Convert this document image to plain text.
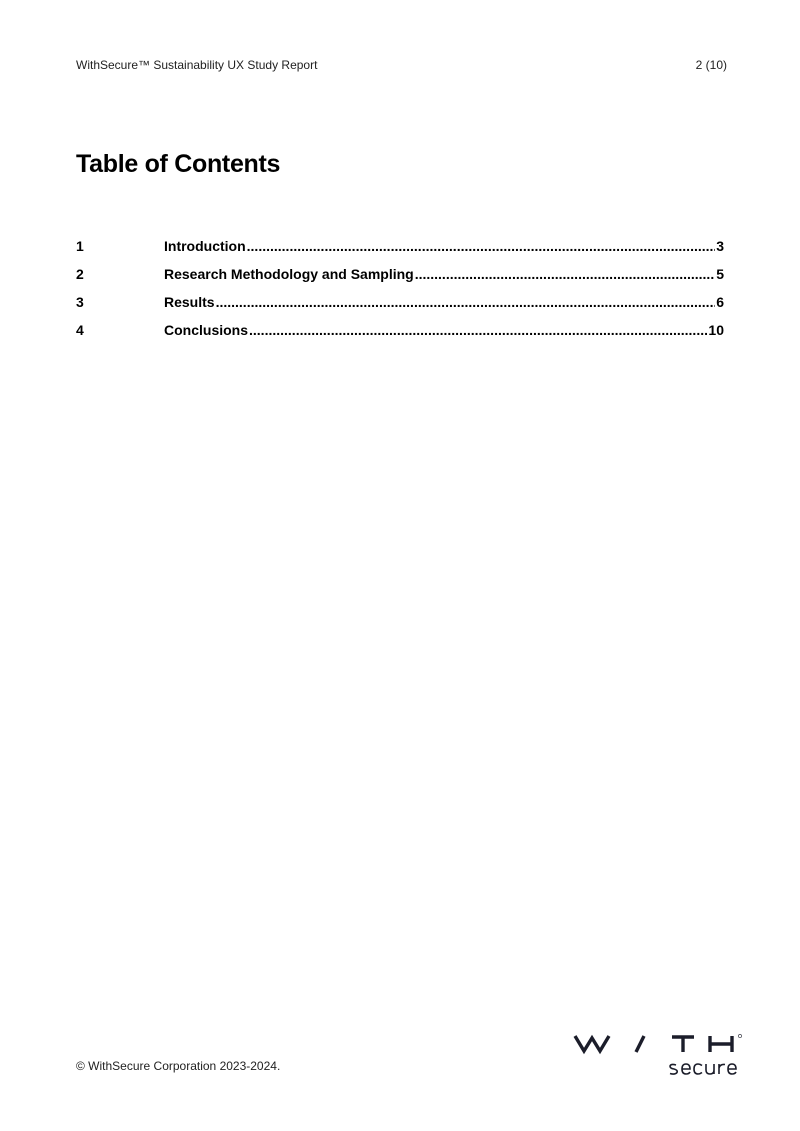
WithSecure™ Sustainability UX Study Report	2 (10)
Table of Contents
1	Introduction .....	3
2	Research Methodology and Sampling .....	5
3	Results .....	6
4	Conclusions .....	10
© WithSecure Corporation 2023-2024.
